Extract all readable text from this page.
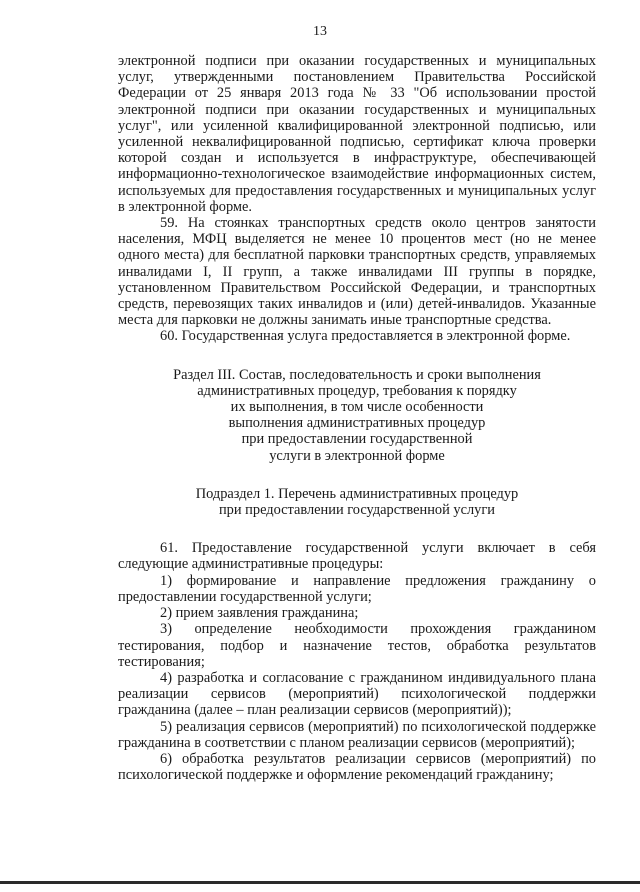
13

электронной подписи при оказании государственных и муниципальных услуг, утвержденными постановлением Правительства Российской Федерации от 25 января 2013 года № 33 "Об использовании простой электронной подписи при оказании государственных и муниципальных услуг", или усиленной квалифицированной электронной подписью, или усиленной неквалифицированной подписью, сертификат ключа проверки которой создан и используется в инфраструктуре, обеспечивающей информационно-технологическое взаимодействие информационных систем, используемых для предоставления государственных и муниципальных услуг в электронной форме.

59. На стоянках транспортных средств около центров занятости населения, МФЦ выделяется не менее 10 процентов мест (но не менее одного места) для бесплатной парковки транспортных средств, управляемых инвалидами I, II групп, а также инвалидами III группы в порядке, установленном Правительством Российской Федерации, и транспортных средств, перевозящих таких инвалидов и (или) детей-инвалидов. Указанные места для парковки не должны занимать иные транспортные средства.

60. Государственная услуга предоставляется в электронной форме.

Раздел III. Состав, последовательность и сроки выполнения

административных процедур, требования к порядку

их выполнения, в том числе особенности

выполнения административных процедур

при предоставлении государственной

услуги в электронной форме

Подраздел 1. Перечень административных процедур

при предоставлении государственной услуги

61. Предоставление государственной услуги включает в себя следующие административные процедуры:

1) формирование и направление предложения гражданину о предоставлении государственной услуги;

2) прием заявления гражданина;

3) определение необходимости прохождения гражданином тестирования, подбор и назначение тестов, обработка результатов тестирования;

4) разработка и согласование с гражданином индивидуального плана реализации сервисов (мероприятий) психологической поддержки гражданина (далее – план реализации сервисов (мероприятий));

5) реализация сервисов (мероприятий) по психологической поддержке гражданина в соответствии с планом реализации сервисов (мероприятий);

6) обработка результатов реализации сервисов (мероприятий) по психологической поддержке и оформление рекомендаций гражданину;
